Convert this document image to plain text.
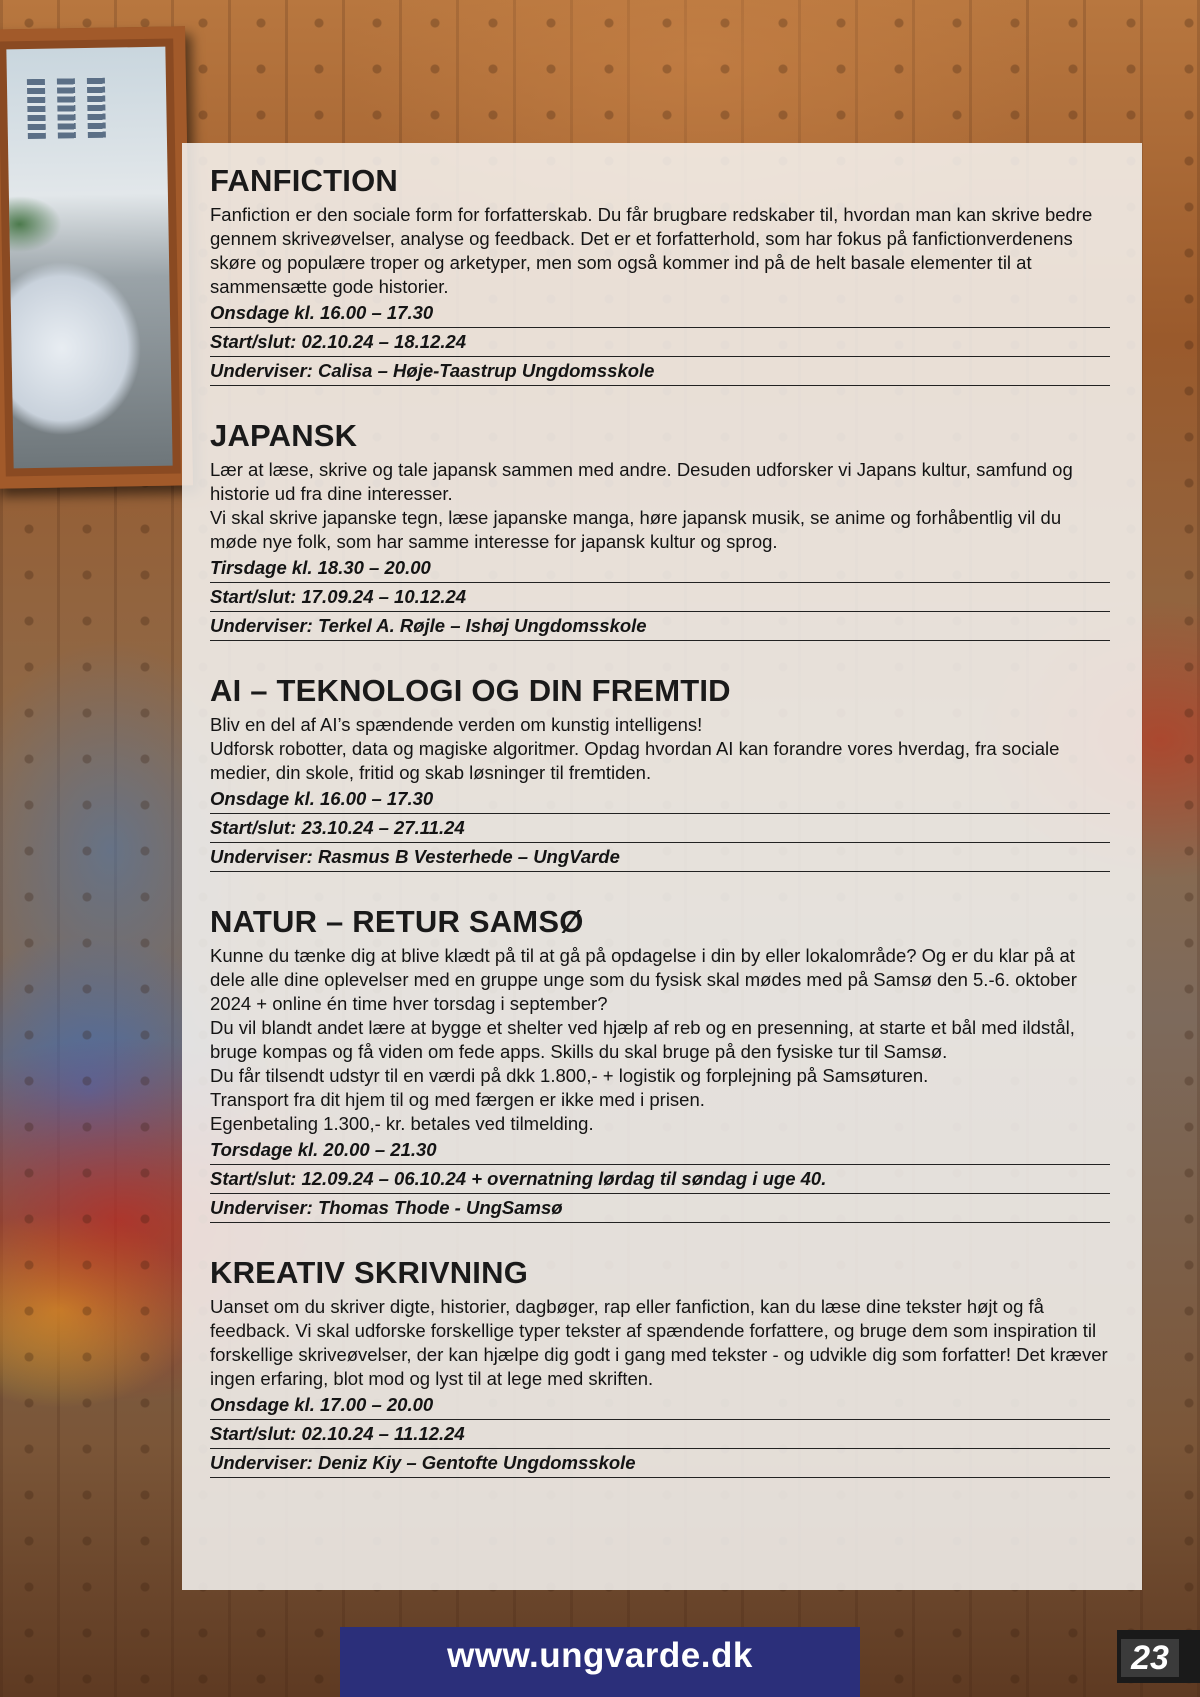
FANFICTION

Fanfiction er den sociale form for forfatterskab. Du får brugbare redskaber til, hvordan man kan skrive bedre gennem skriveøvelser, analyse og feedback. Det er et forfatterhold, som har fokus på fanfictionverdenens skøre og populære troper og arketyper, men som også kommer ind på de helt basale elementer til at sammensætte gode historier.

Onsdage kl. 16.00 – 17.30
Start/slut: 02.10.24 – 18.12.24
Underviser: Calisa – Høje-Taastrup Ungdomsskole
JAPANSK

Lær at læse, skrive og tale japansk sammen med andre. Desuden udforsker vi Japans kultur, samfund og historie ud fra dine interesser.

Vi skal skrive japanske tegn, læse japanske manga, høre japansk musik, se anime og forhåbentlig vil du møde nye folk, som har samme interesse for japansk kultur og sprog.

Tirsdage kl. 18.30 – 20.00
Start/slut: 17.09.24 – 10.12.24
Underviser: Terkel A. Røjle – Ishøj Ungdomsskole
AI – TEKNOLOGI OG DIN FREMTID

Bliv en del af AI’s spændende verden om kunstig intelligens!

Udforsk robotter, data og magiske algoritmer. Opdag hvordan AI kan forandre vores hverdag, fra sociale medier, din skole, fritid og skab løsninger til fremtiden.

Onsdage kl. 16.00 – 17.30
Start/slut: 23.10.24 – 27.11.24
Underviser: Rasmus B Vesterhede – UngVarde
NATUR – RETUR SAMSØ

Kunne du tænke dig at blive klædt på til at gå på opdagelse i din by eller lokalområde? Og er du klar på at dele alle dine oplevelser med en gruppe unge som du fysisk skal mødes med på Samsø den 5.-6. oktober 2024 + online én time hver torsdag i september?

Du vil blandt andet lære at bygge et shelter ved hjælp af reb og en presenning, at starte et bål med ildstål, bruge kompas og få viden om fede apps. Skills du skal bruge på den fysiske tur til Samsø.

Du får tilsendt udstyr til en værdi på dkk 1.800,- + logistik og forplejning på Samsøturen.

Transport fra dit hjem til og med færgen er ikke med i prisen.

Egenbetaling 1.300,- kr. betales ved tilmelding.

Torsdage kl. 20.00 – 21.30
Start/slut: 12.09.24 – 06.10.24 + overnatning lørdag til søndag i uge 40.
Underviser: Thomas Thode - UngSamsø
KREATIV SKRIVNING

Uanset om du skriver digte, historier, dagbøger, rap eller fanfiction, kan du læse dine tekster højt og få feedback. Vi skal udforske forskellige typer tekster af spændende forfattere, og bruge dem som inspiration til forskellige skriveøvelser, der kan hjælpe dig godt i gang med tekster - og udvikle dig som forfatter! Det kræver ingen erfaring, blot mod og lyst til at lege med skriften.

Onsdage kl. 17.00 – 20.00
Start/slut: 02.10.24 – 11.12.24
Underviser: Deniz Kiy – Gentofte Ungdomsskole
www.ungvarde.dk	23
